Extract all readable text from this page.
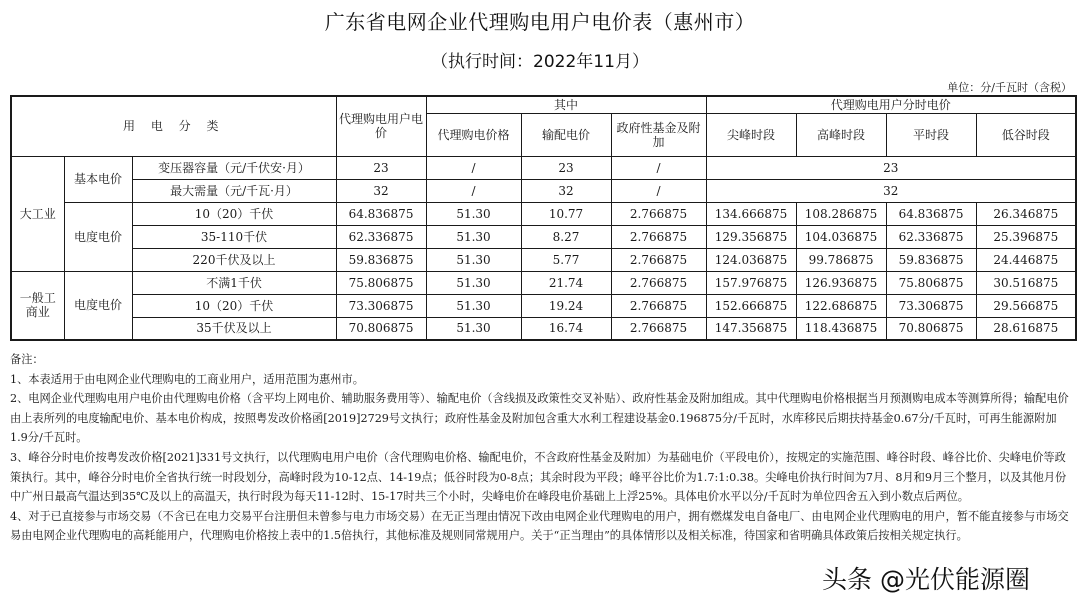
广东省电网企业代理购电用户电价表（惠州市）
（执行时间：2022年11月）
单位：分/千瓦时（含税）
用 电 分 类			代理购电用户电价	其中			代理购电用户分时电价			
				代理购电价格	输配电价	政府性基金及附加	尖峰时段	高峰时段	平时段	低谷时段
大工业	基本电价	变压器容量（元/千伏安·月）	23	/	23	/	23			
		最大需量（元/千瓦·月）	32	/	32	/	32			
	电度电价	10（20）千伏	64.836875	51.30	10.77	2.766875	134.666875	108.286875	64.836875	26.346875
		35-110千伏	62.336875	51.30	8.27	2.766875	129.356875	104.036875	62.336875	25.396875
		220千伏及以上	59.836875	51.30	5.77	2.766875	124.036875	99.786875	59.836875	24.446875
一般工商业	电度电价	不满1千伏	75.806875	51.30	21.74	2.766875	157.976875	126.936875	75.806875	30.516875
		10（20）千伏	73.306875	51.30	19.24	2.766875	152.666875	122.686875	73.306875	29.566875
		35千伏及以上	70.806875	51.30	16.74	2.766875	147.356875	118.436875	70.806875	28.616875

备注：

1、本表适用于由电网企业代理购电的工商业用户，适用范围为惠州市。

2、电网企业代理购电用户电价由代理购电价格（含平均上网电价、辅助服务费用等）、输配电价（含线损及政策性交叉补贴）、政府性基金及附加组成。其中代理购电价格根据当月预测购电成本等测算所得；输配电价由上表所列的电度输配电价、基本电价构成，按照粤发改价格函[2019]2729号文执行；政府性基金及附加包含重大水利工程建设基金0.196875分/千瓦时，水库移民后期扶持基金0.67分/千瓦时，可再生能源附加1.9分/千瓦时。

3、峰谷分时电价按粤发改价格[2021]331号文执行，以代理购电用户电价（含代理购电价格、输配电价，不含政府性基金及附加）为基础电价（平段电价），按规定的实施范围、峰谷时段、峰谷比价、尖峰电价等政策执行。其中，峰谷分时电价全省执行统一时段划分，高峰时段为10-12点、14-19点；低谷时段为0-8点；其余时段为平段；峰平谷比价为1.7:1:0.38。尖峰电价执行时间为7月、8月和9月三个整月，以及其他月份中广州日最高气温达到35℃及以上的高温天，执行时段为每天11-12时、15-17时共三个小时，尖峰电价在峰段电价基础上上浮25%。具体电价水平以分/千瓦时为单位四舍五入到小数点后两位。

4、对于已直接参与市场交易（不含已在电力交易平台注册但未曾参与电力市场交易）在无正当理由情况下改由电网企业代理购电的用户，拥有燃煤发电自备电厂、由电网企业代理购电的用户，暂不能直接参与市场交易由电网企业代理购电的高耗能用户，代理购电价格按上表中的1.5倍执行，其他标准及规则同常规用户。关于“正当理由”的具体情形以及相关标准，待国家和省明确具体政策后按相关规定执行。

头条 @光伏能源圈
